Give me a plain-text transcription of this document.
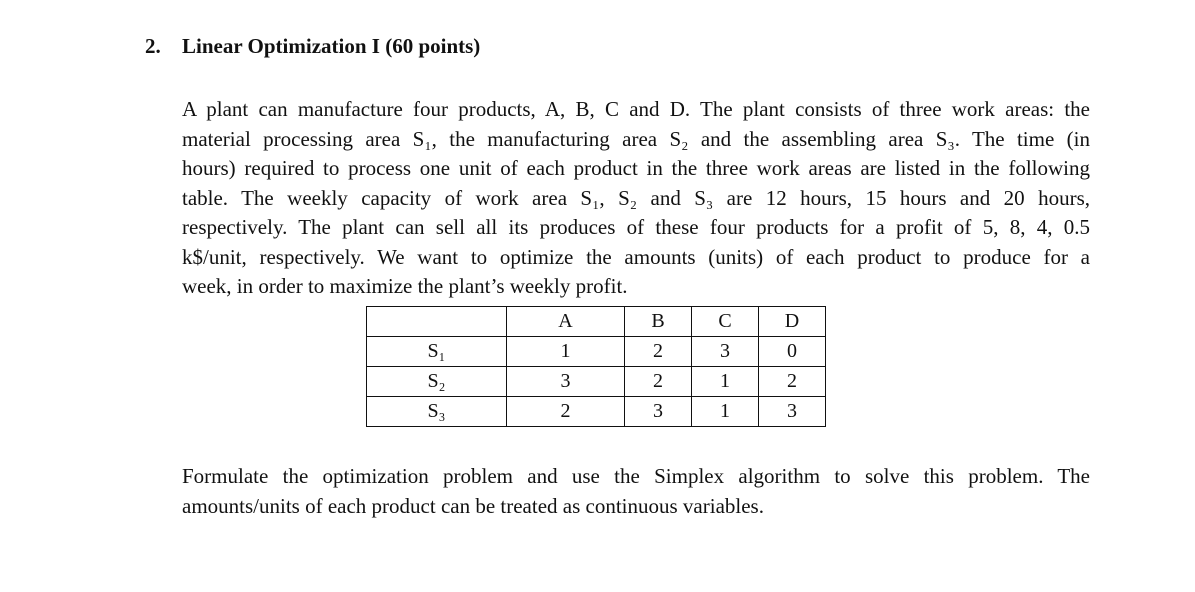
2. Linear Optimization I (60 points)
A plant can manufacture four products, A, B, C and D. The plant consists of three work areas: the
material processing area S₁, the manufacturing area S₂ and the assembling area S₃. The time (in
hours) required to process one unit of each product in the three work areas are listed in the following
table. The weekly capacity of work area S₁, S₂ and S₃ are 12 hours, 15 hours and 20 hours,
respectively. The plant can sell all its produces of these four products for a profit of 5, 8, 4, 0.5
k$/unit, respectively. We want to optimize the amounts (units) of each product to produce for a
week, in order to maximize the plant’s weekly profit.
	A	B	C	D
S₁	1	2	3	0
S₂	3	2	1	2
S₃	2	3	1	3
Formulate the optimization problem and use the Simplex algorithm to solve this problem. The
amounts/units of each product can be treated as continuous variables.
